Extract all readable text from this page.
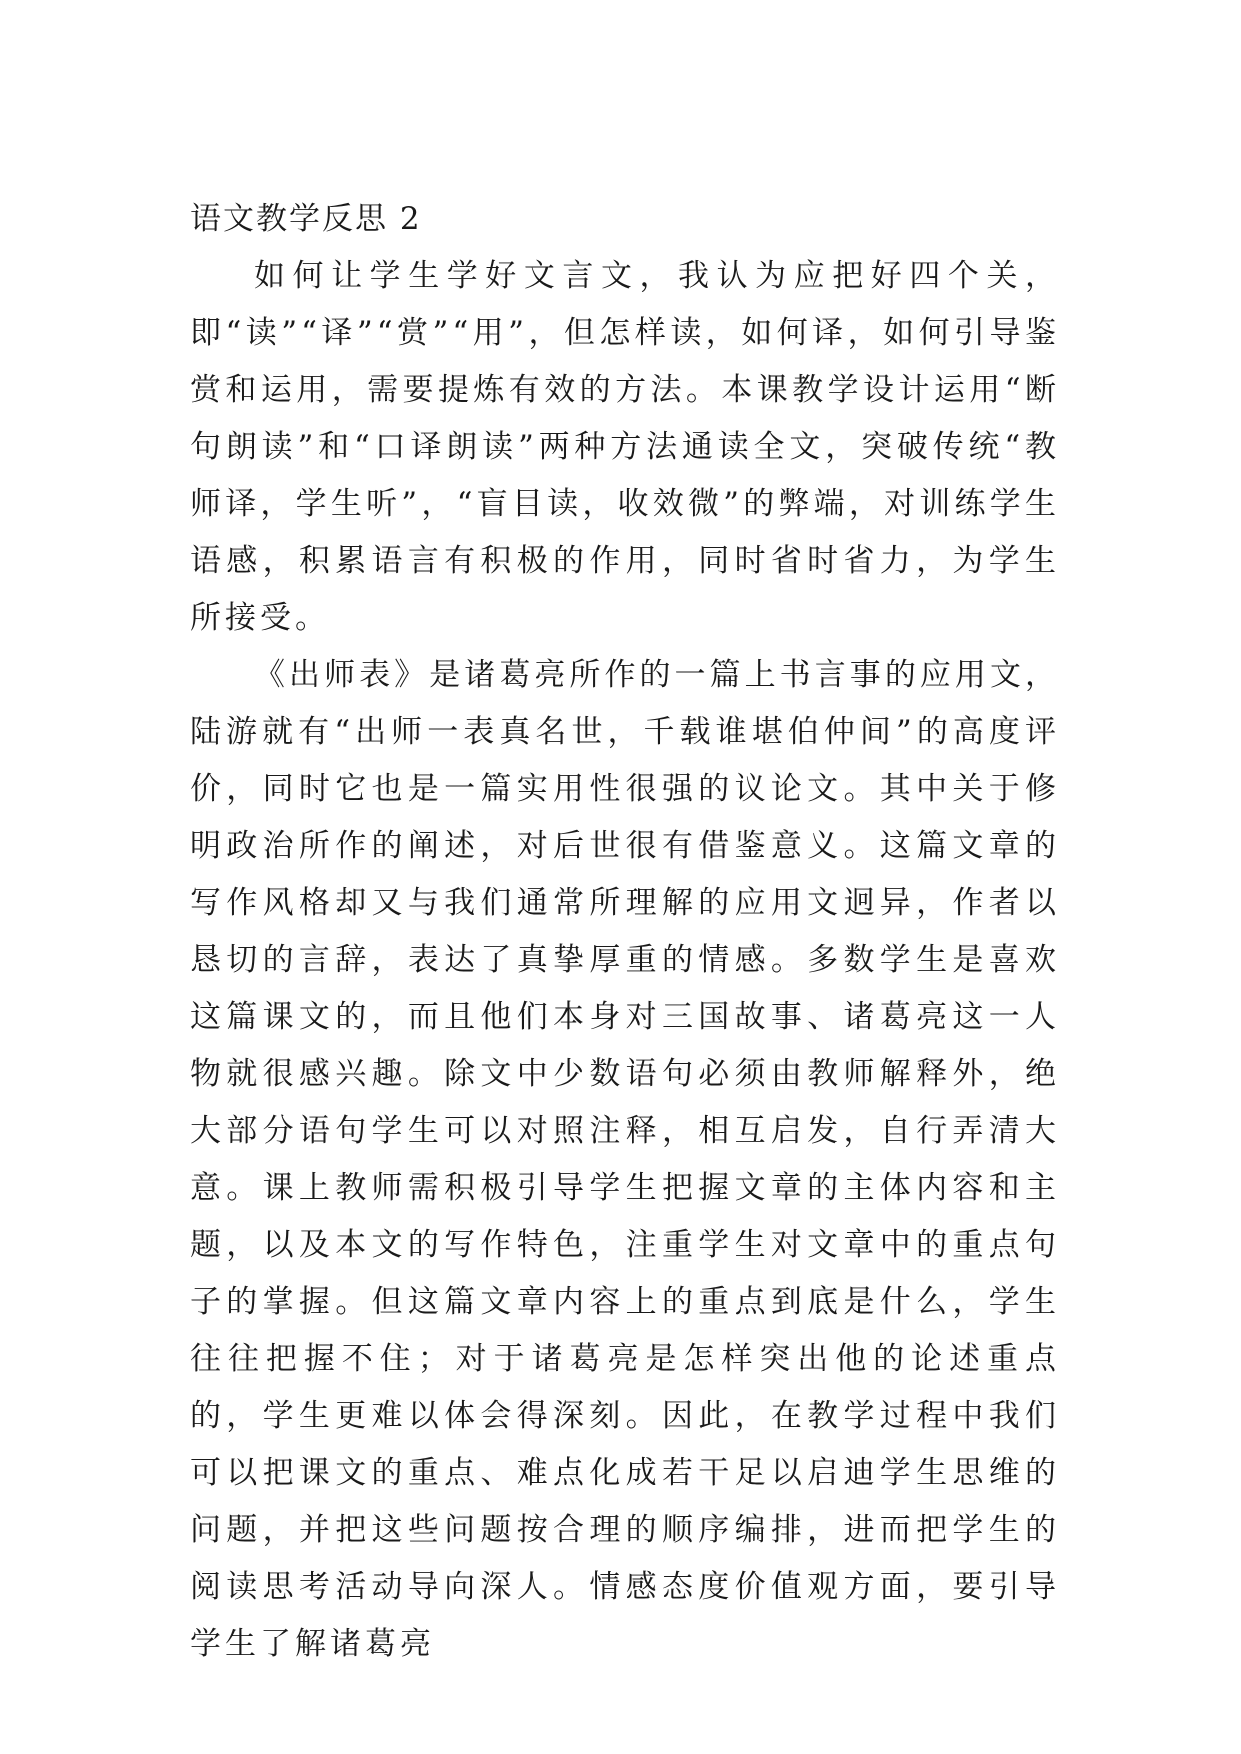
语文教学反思 2

如何让学生学好文言文，我认为应把好四个关，即“读”“译”“赏”“用”，但怎样读，如何译，如何引导鉴赏和运用，需要提炼有效的方法。本课教学设计运用“断句朗读”和“口译朗读”两种方法通读全文，突破传统“教师译，学生听”，“盲目读，收效微”的弊端，对训练学生语感，积累语言有积极的作用，同时省时省力，为学生所接受。

《出师表》是诸葛亮所作的一篇上书言事的应用文，陆游就有“出师一表真名世，千载谁堪伯仲间”的高度评价，同时它也是一篇实用性很强的议论文。其中关于修明政治所作的阐述，对后世很有借鉴意义。这篇文章的写作风格却又与我们通常所理解的应用文迥异，作者以恳切的言辞，表达了真挚厚重的情感。多数学生是喜欢这篇课文的，而且他们本身对三国故事、诸葛亮这一人物就很感兴趣。除文中少数语句必须由教师解释外，绝大部分语句学生可以对照注释，相互启发，自行弄清大意。课上教师需积极引导学生把握文章的主体内容和主题，以及本文的写作特色，注重学生对文章中的重点句子的掌握。但这篇文章内容上的重点到底是什么，学生往往把握不住；对于诸葛亮是怎样突出他的论述重点的，学生更难以体会得深刻。因此，在教学过程中我们可以把课文的重点、难点化成若干足以启迪学生思维的问题，并把这些问题按合理的顺序编排，进而把学生的阅读思考活动导向深人。情感态度价值观方面，要引导学生了解诸葛亮
